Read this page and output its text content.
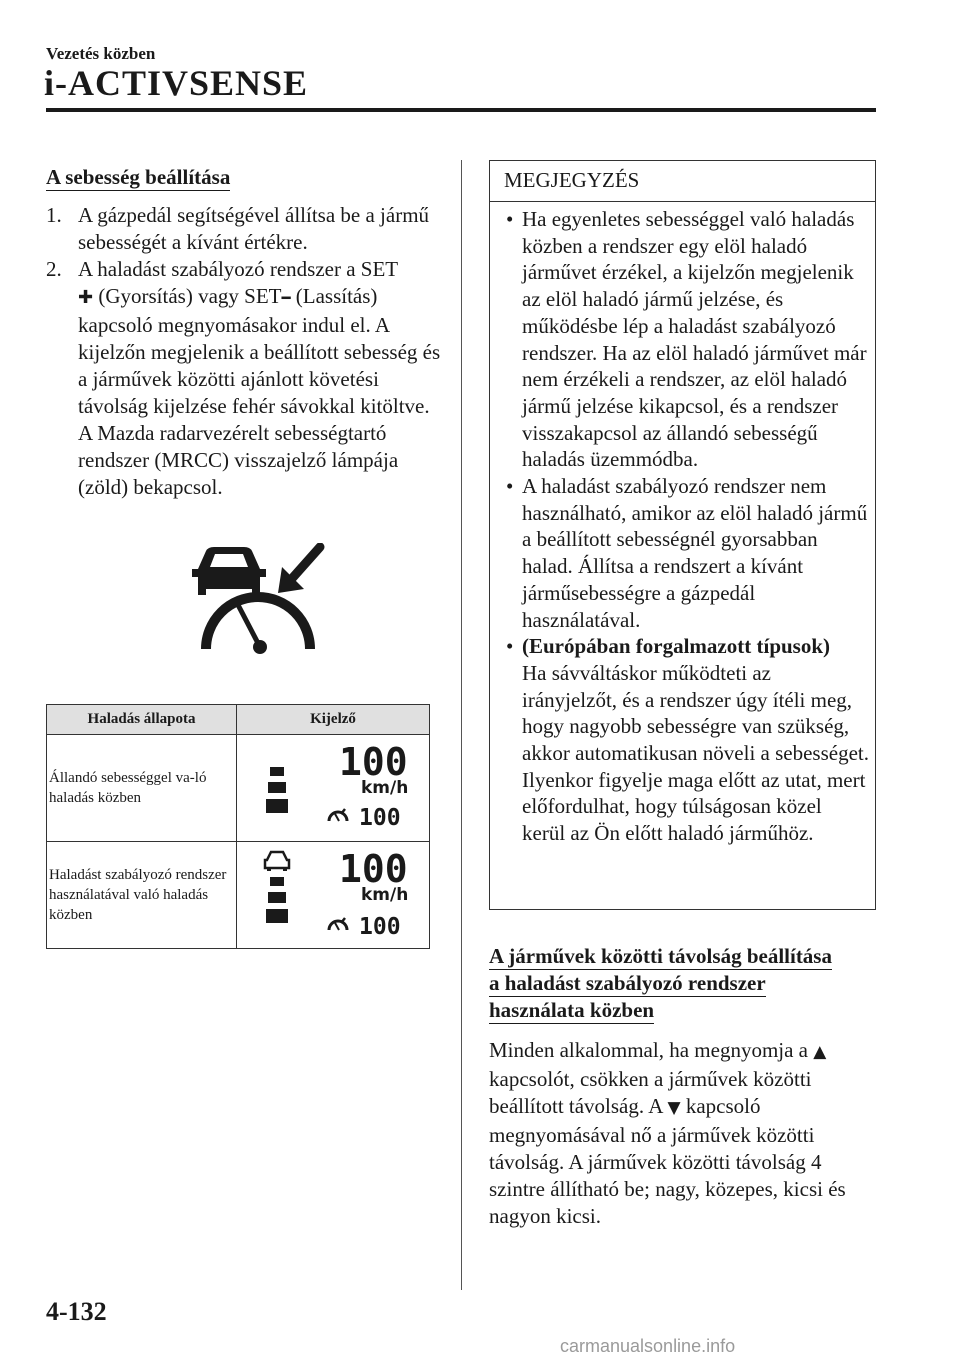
Vezetés közben
i-ACTIVSENSE
A sebesség beállítása
1. A gázpedál segítségével állítsa be a jármű sebességét a kívánt értékre.
2. A haladást szabályozó rendszer a SET
✚ (Gyorsítás) vagy SET━ (Lassítás) kapcsoló megnyomásakor indul el. A kijelzőn megjelenik a beállított sebesség és a járművek közötti ajánlott követési távolság kijelzése fehér sávokkal kitöltve. A Mazda radarvezérelt sebességtartó rendszer (MRCC) visszajelző lámpája (zöld) bekapcsol.
Haladás állapota	Kijelző
Állandó sebességgel va-ló haladás közben	100
km/h
100

Haladást szabályozó rendszer használatával való haladás közben	100
km/h
100
MEGJEGYZÉS
• Ha egyenletes sebességgel való haladás közben a rendszer egy elöl haladó járművet érzékel, a kijelzőn megjelenik az elöl haladó jármű jelzése, és működésbe lép a haladást szabályozó rendszer. Ha az elöl haladó járművet már nem érzékeli a rendszer, az elöl haladó jármű jelzése kikapcsol, és a rendszer visszakapcsol az állandó sebességű haladás üzemmódba.
• A haladást szabályozó rendszer nem használható, amikor az elöl haladó jármű a beállított sebességnél gyorsabban halad. Állítsa a rendszert a kívánt járműsebességre a gázpedál használatával.
• (Európában forgalmazott típusok)
Ha sávváltáskor működteti az irányjelzőt, és a rendszer úgy ítéli meg, hogy nagyobb sebességre van szükség, akkor automatikusan növeli a sebességet. Ilyenkor figyelje maga előtt az utat, mert előfordulhat, hogy túlságosan közel kerül az Ön előtt haladó járműhöz.
A járművek közötti távolság beállítása
a haladást szabályozó rendszer
használata közben
Minden alkalommal, ha megnyomja a ▲ kapcsolót, csökken a járművek közötti beállított távolság. A ▼ kapcsoló megnyomásával nő a járművek közötti távolság. A járművek közötti távolság 4 szintre állítható be; nagy, közepes, kicsi és nagyon kicsi.
4-132
carmanualsonline.info
